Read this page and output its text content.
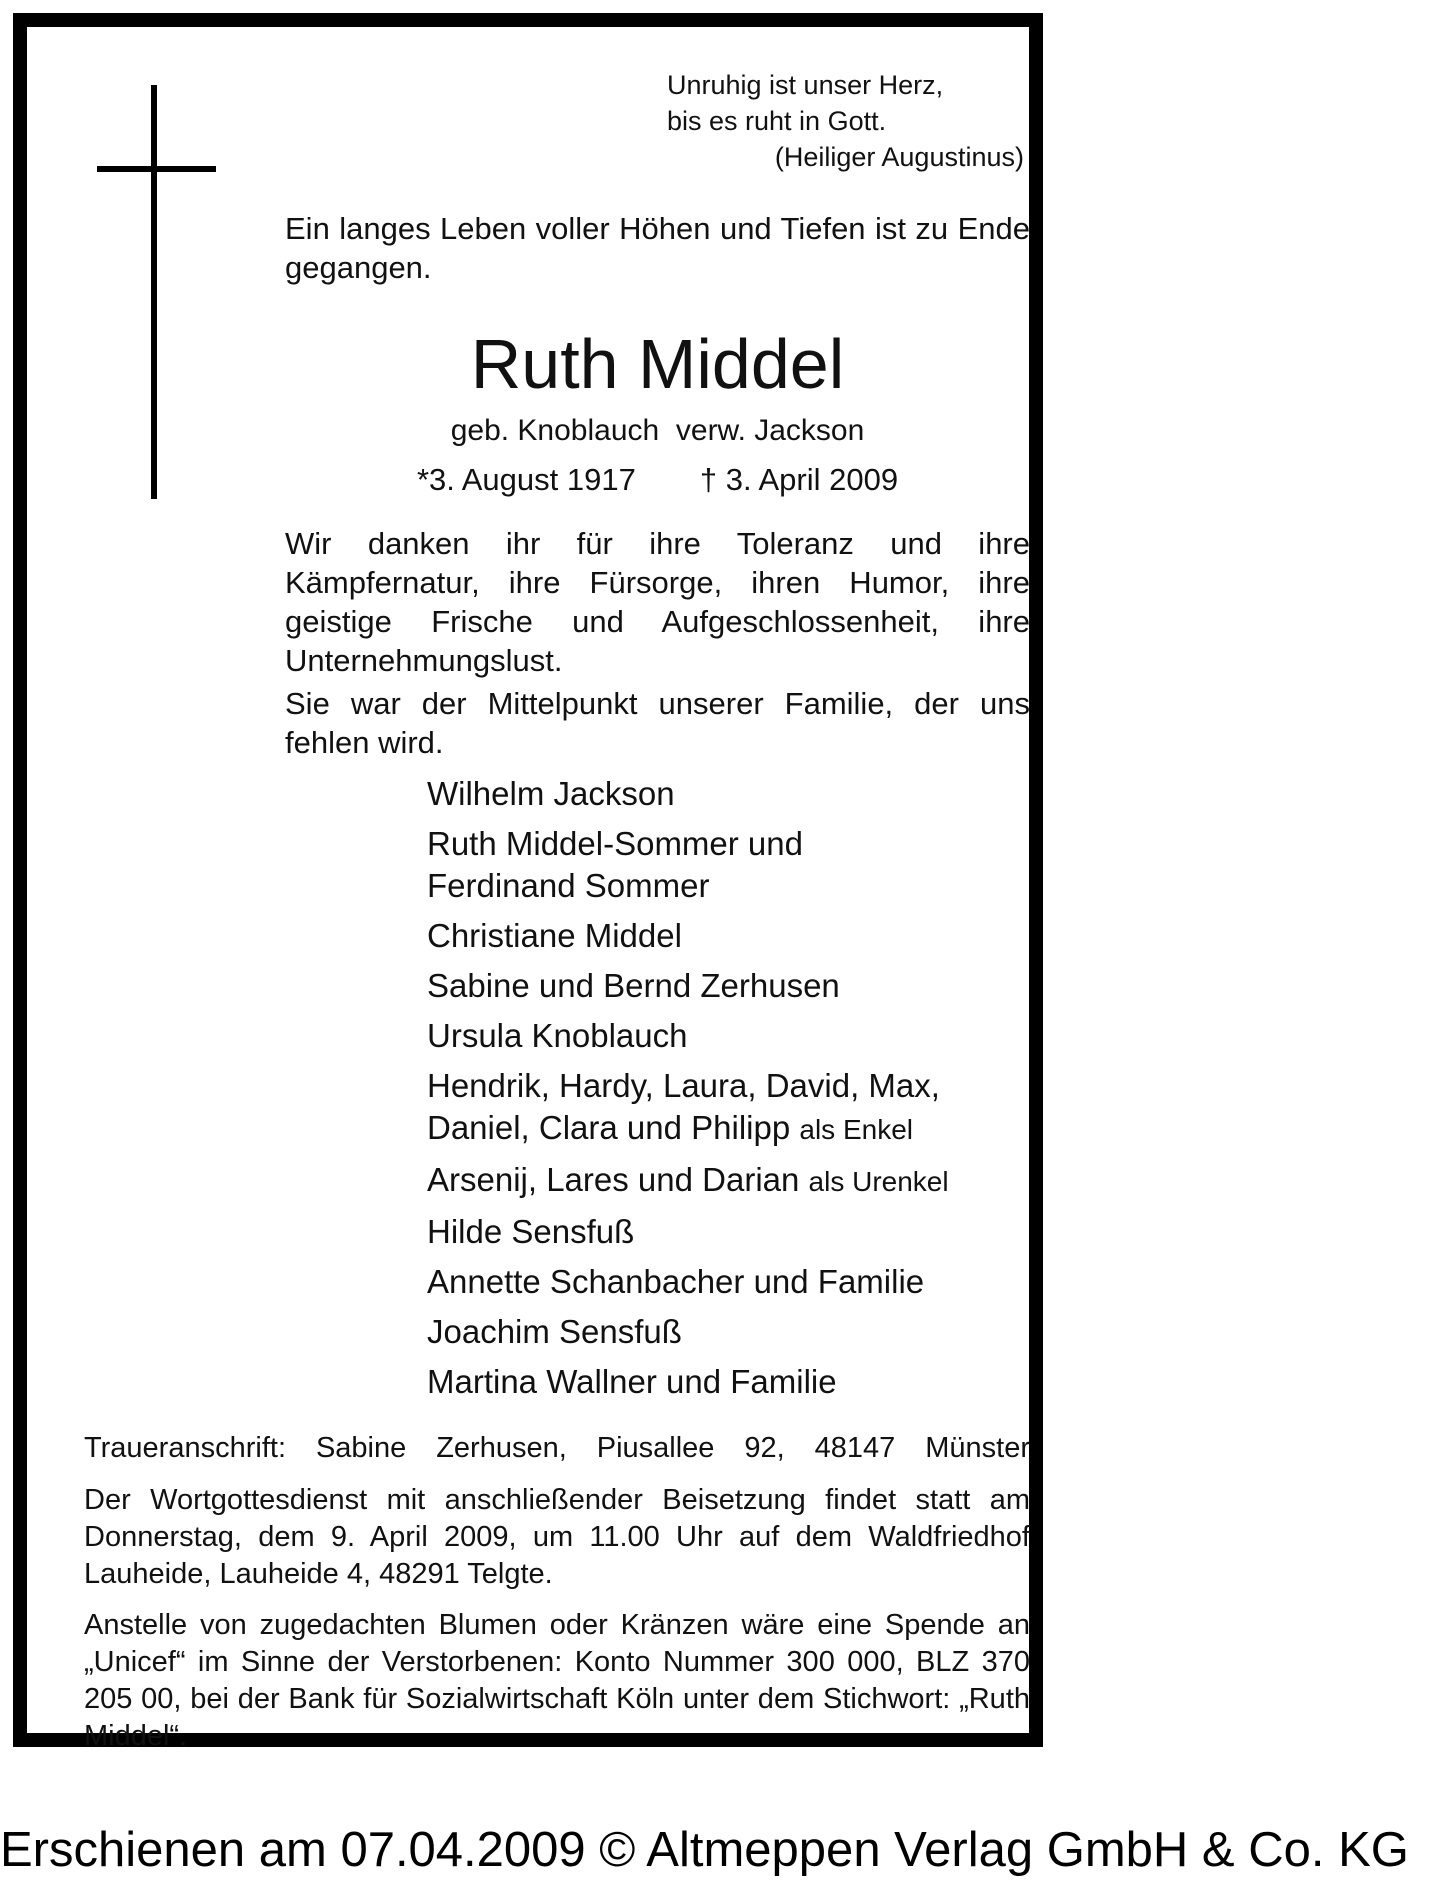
Unruhig ist unser Herz,
bis es ruht in Gott.
(Heiliger Augustinus)
Ein langes Leben voller Höhen und Tiefen ist zu Ende gegangen.
Ruth Middel
geb. Knoblauch  verw. Jackson
*3. August 1917 † 3. April 2009
Wir danken ihr für ihre Toleranz und ihre Kämpfernatur, ihre Fürsorge, ihren Humor, ihre geistige Frische und Aufgeschlossenheit, ihre Unternehmungslust.
Sie war der Mittelpunkt unserer Familie, der uns fehlen wird.
Wilhelm Jackson
Ruth Middel-Sommer und
Ferdinand Sommer
Christiane Middel
Sabine und Bernd Zerhusen
Ursula Knoblauch
Hendrik, Hardy, Laura, David, Max,
Daniel, Clara und Philipp als Enkel
Arsenij, Lares und Darian als Urenkel
Hilde Sensfuß
Annette Schanbacher und Familie
Joachim Sensfuß
Martina Wallner und Familie
Traueranschrift: Sabine Zerhusen, Piusallee 92, 48147 Münster
Der Wortgottesdienst mit anschließender Beisetzung findet statt am Donnerstag, dem 9. April 2009, um 11.00 Uhr auf dem Waldfriedhof Lauheide, Lauheide 4, 48291 Telgte.
Anstelle von zugedachten Blumen oder Kränzen wäre eine Spende an „Unicef“ im Sinne der Verstorbenen: Konto Nummer 300 000, BLZ 370 205 00, bei der Bank für Sozialwirtschaft Köln unter dem Stichwort: „Ruth Middel“.
Erschienen am 07.04.2009 © Altmeppen Verlag GmbH & Co. KG
